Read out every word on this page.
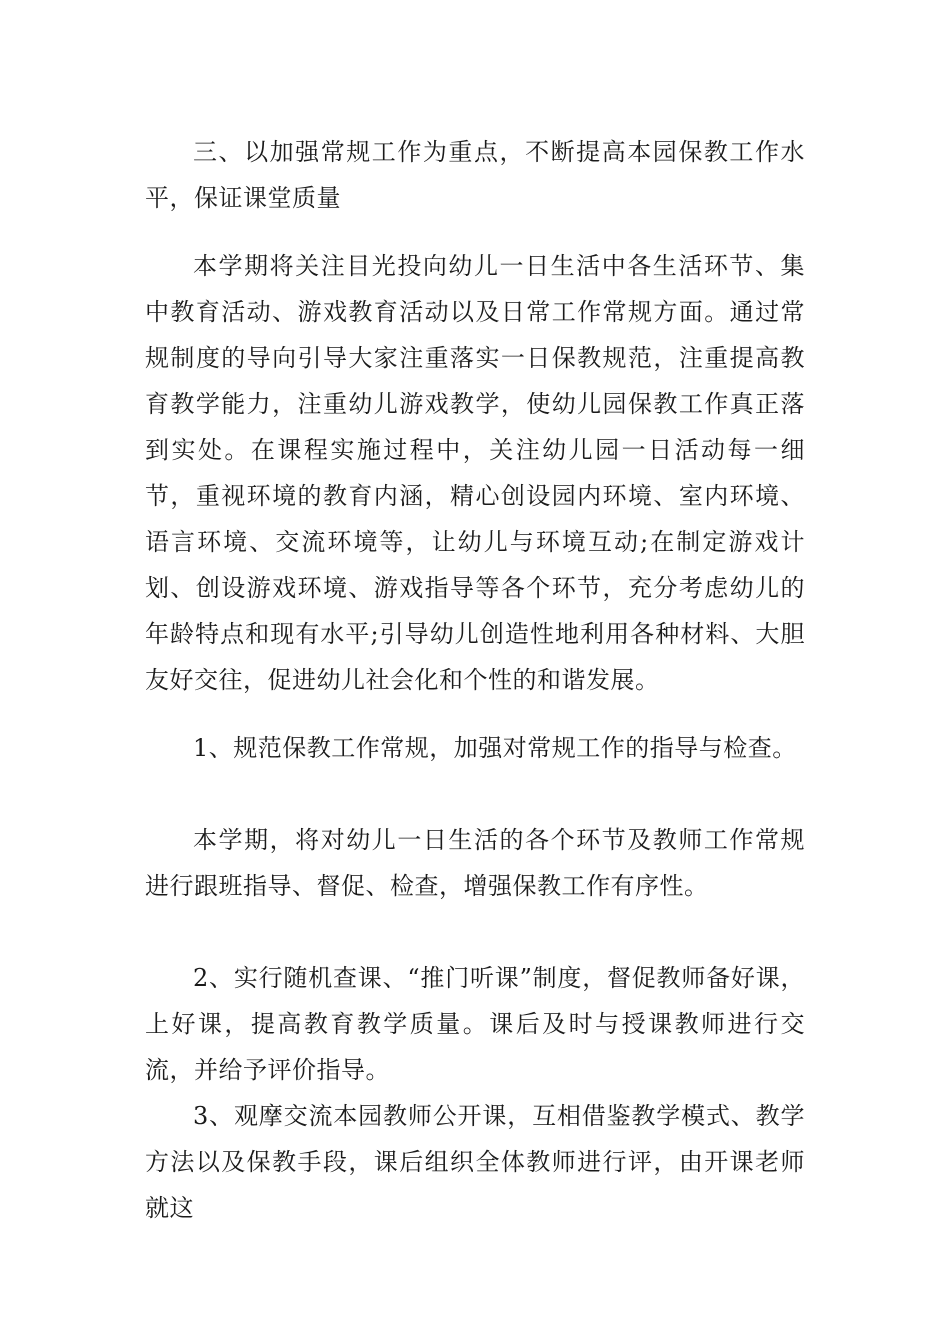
三、以加强常规工作为重点，不断提高本园保教工作水平，保证课堂质量

本学期将关注目光投向幼儿一日生活中各生活环节、集中教育活动、游戏教育活动以及日常工作常规方面。通过常规制度的导向引导大家注重落实一日保教规范，注重提高教育教学能力，注重幼儿游戏教学，使幼儿园保教工作真正落到实处。在课程实施过程中，关注幼儿园一日活动每一细节，重视环境的教育内涵，精心创设园内环境、室内环境、语言环境、交流环境等，让幼儿与环境互动;在制定游戏计划、创设游戏环境、游戏指导等各个环节，充分考虑幼儿的年龄特点和现有水平;引导幼儿创造性地利用各种材料、大胆友好交往，促进幼儿社会化和个性的和谐发展。

1、规范保教工作常规，加强对常规工作的指导与检查。

本学期，将对幼儿一日生活的各个环节及教师工作常规进行跟班指导、督促、检查，增强保教工作有序性。

2、实行随机查课、“推门听课”制度，督促教师备好课，上好课，提高教育教学质量。课后及时与授课教师进行交流，并给予评价指导。

3、观摩交流本园教师公开课，互相借鉴教学模式、教学方法以及保教手段，课后组织全体教师进行评，由开课老师就这
